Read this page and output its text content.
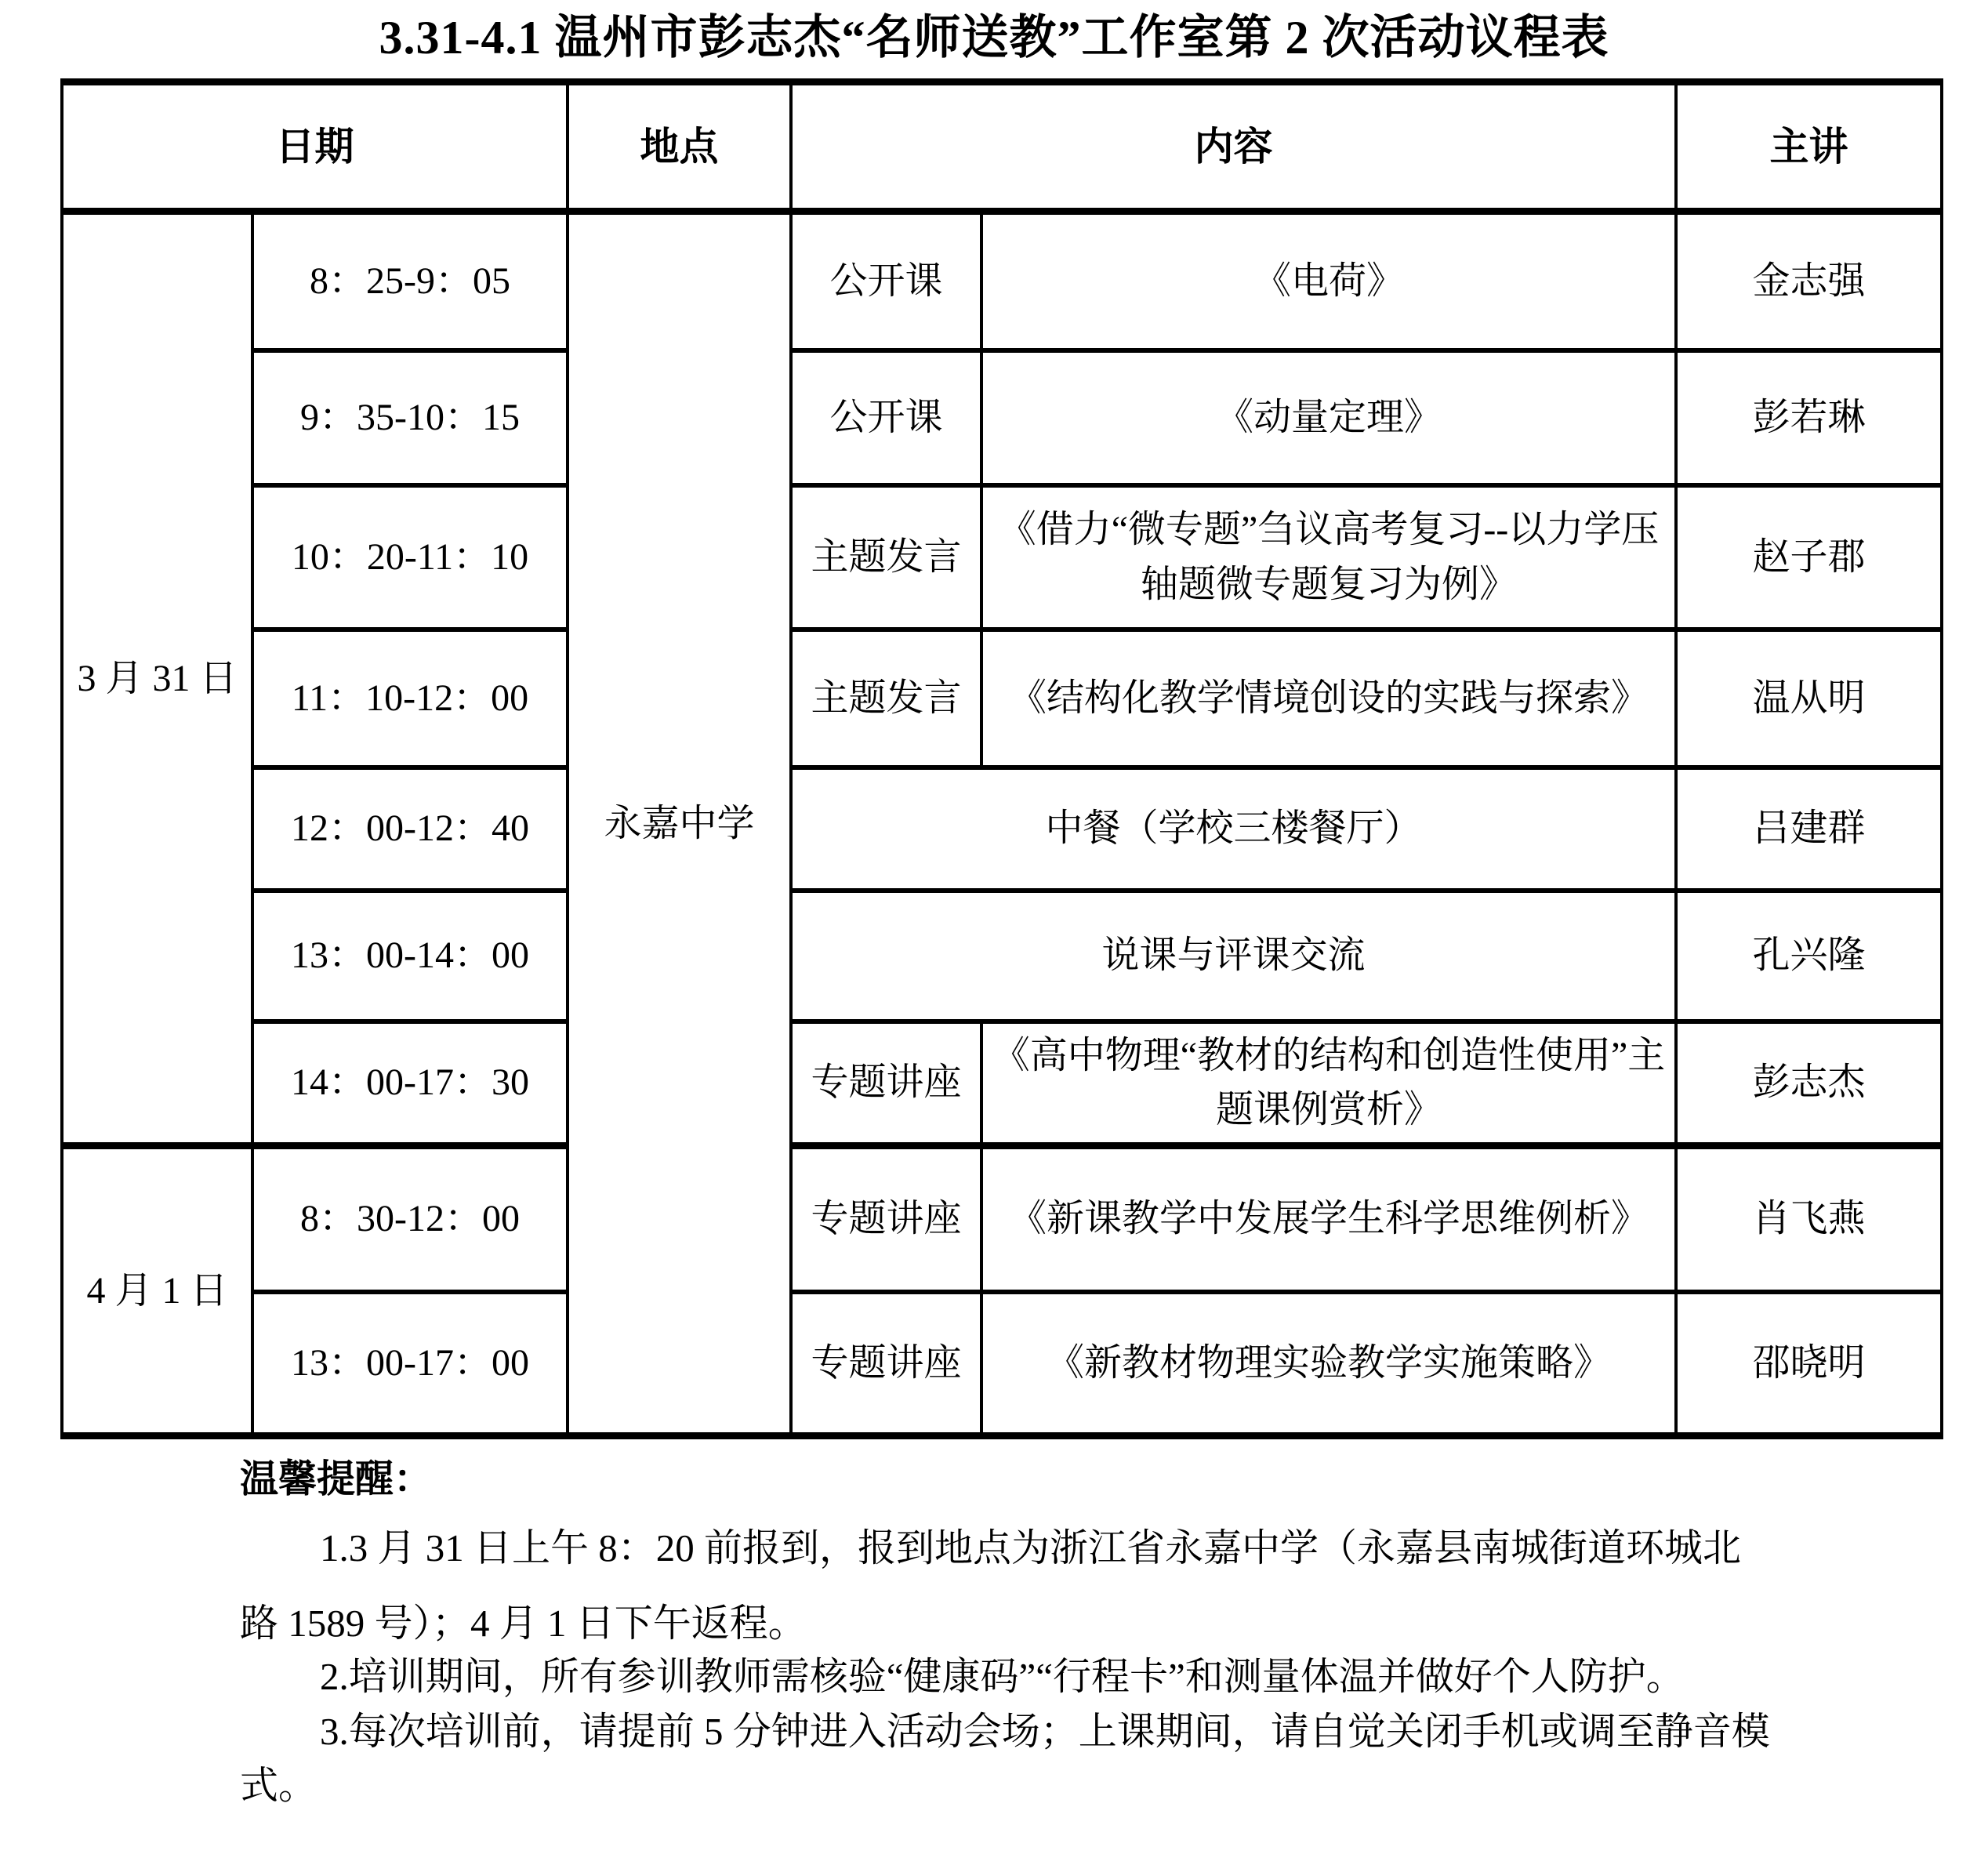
3.31-4.1 温州市彭志杰“名师送教”工作室第 2 次活动议程表
日期		地点	内容		主讲
3 月 31 日	8：25-9：05	永嘉中学	公开课	《电荷》	金志强
	9：35-10：15		公开课	《动量定理》	彭若琳
	10：20-11：10		主题发言	《借力“微专题”刍议高考复习--以力学压轴题微专题复习为例》	赵子郡
	11：10-12：00		主题发言	《结构化教学情境创设的实践与探索》	温从明
	12：00-12：40		中餐（学校三楼餐厅）		吕建群
	13：00-14：00		说课与评课交流		孔兴隆
	14：00-17：30		专题讲座	《高中物理“教材的结构和创造性使用”主题课例赏析》	彭志杰
4 月 1 日	8：30-12：00		专题讲座	《新课教学中发展学生科学思维例析》	肖飞燕
	13：00-17：00		专题讲座	《新教材物理实验教学实施策略》	邵晓明
温馨提醒：
1.3 月 31 日上午 8：20 前报到，报到地点为浙江省永嘉中学（永嘉县南城街道环城北
路 1589 号）；4 月 1 日下午返程。
2.培训期间，所有参训教师需核验“健康码”“行程卡”和测量体温并做好个人防护。
3.每次培训前，请提前 5 分钟进入活动会场；上课期间，请自觉关闭手机或调至静音模
式。
